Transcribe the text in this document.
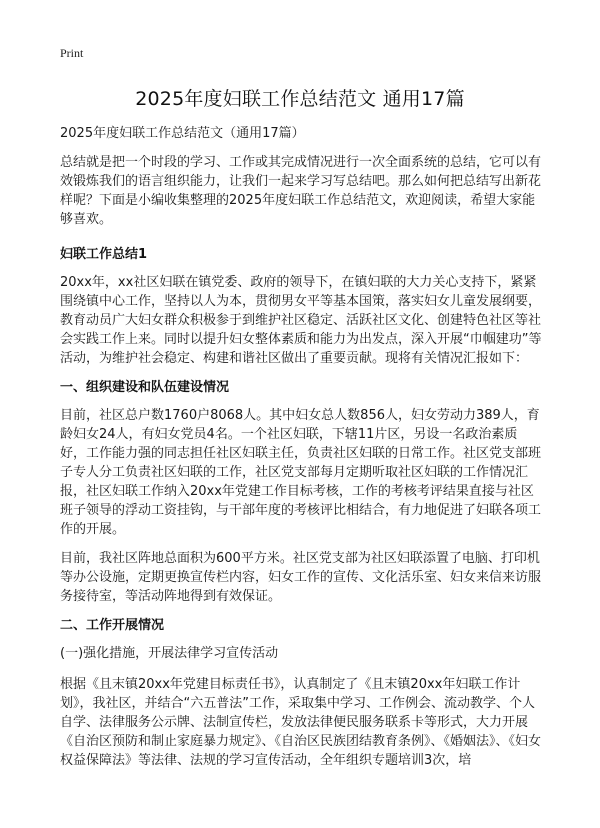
Print
2025年度妇联工作总结范文 通用17篇

2025年度妇联工作总结范文（通用17篇）

总结就是把一个时段的学习、工作或其完成情况进行一次全面系统的总结，它可以有效锻炼我们的语言组织能力，让我们一起来学习写总结吧。那么如何把总结写出新花样呢？下面是小编收集整理的2025年度妇联工作总结范文，欢迎阅读，希望大家能够喜欢。

妇联工作总结1

20xx年，xx社区妇联在镇党委、政府的领导下，在镇妇联的大力关心支持下，紧紧围绕镇中心工作，坚持以人为本，贯彻男女平等基本国策，落实妇女儿童发展纲要，教育动员广大妇女群众积极参于到维护社区稳定、活跃社区文化、创建特色社区等社会实践工作上来。同时以提升妇女整体素质和能力为出发点，深入开展“巾帼建功”等活动，为维护社会稳定、构建和谐社区做出了重要贡献。现将有关情况汇报如下：

一、组织建设和队伍建设情况

目前，社区总户数1760户8068人。其中妇女总人数856人，妇女劳动力389人，育龄妇女24人，有妇女党员4名。一个社区妇联，下辖11片区，另设一名政治素质好，工作能力强的同志担任社区妇联主任，负责社区妇联的日常工作。社区党支部班子专人分工负责社区妇联的工作，社区党支部每月定期听取社区妇联的工作情况汇报，社区妇联工作纳入20xx年党建工作目标考核，工作的考核考评结果直接与社区班子领导的浮动工资挂钩，与干部年度的考核评比相结合，有力地促进了妇联各项工作的开展。

目前，我社区阵地总面积为600平方米。社区党支部为社区妇联添置了电脑、打印机等办公设施，定期更换宣传栏内容，妇女工作的宣传、文化活乐室、妇女来信来访服务接待室，等活动阵地得到有效保证。

二、工作开展情况

(一)强化措施，开展法律学习宣传活动

根据《且末镇20xx年党建目标责任书》，认真制定了《且末镇20xx年妇联工作计划》，我社区，并结合“六五普法”工作，采取集中学习、工作例会、流动教学、个人自学、法律服务公示牌、法制宣传栏，发放法律便民服务联系卡等形式，大力开展《自治区预防和制止家庭暴力规定》、《自治区民族团结教育条例》、《婚姻法》、《妇女权益保障法》等法律、法规的学习宣传活动，全年组织专题培训3次，培
